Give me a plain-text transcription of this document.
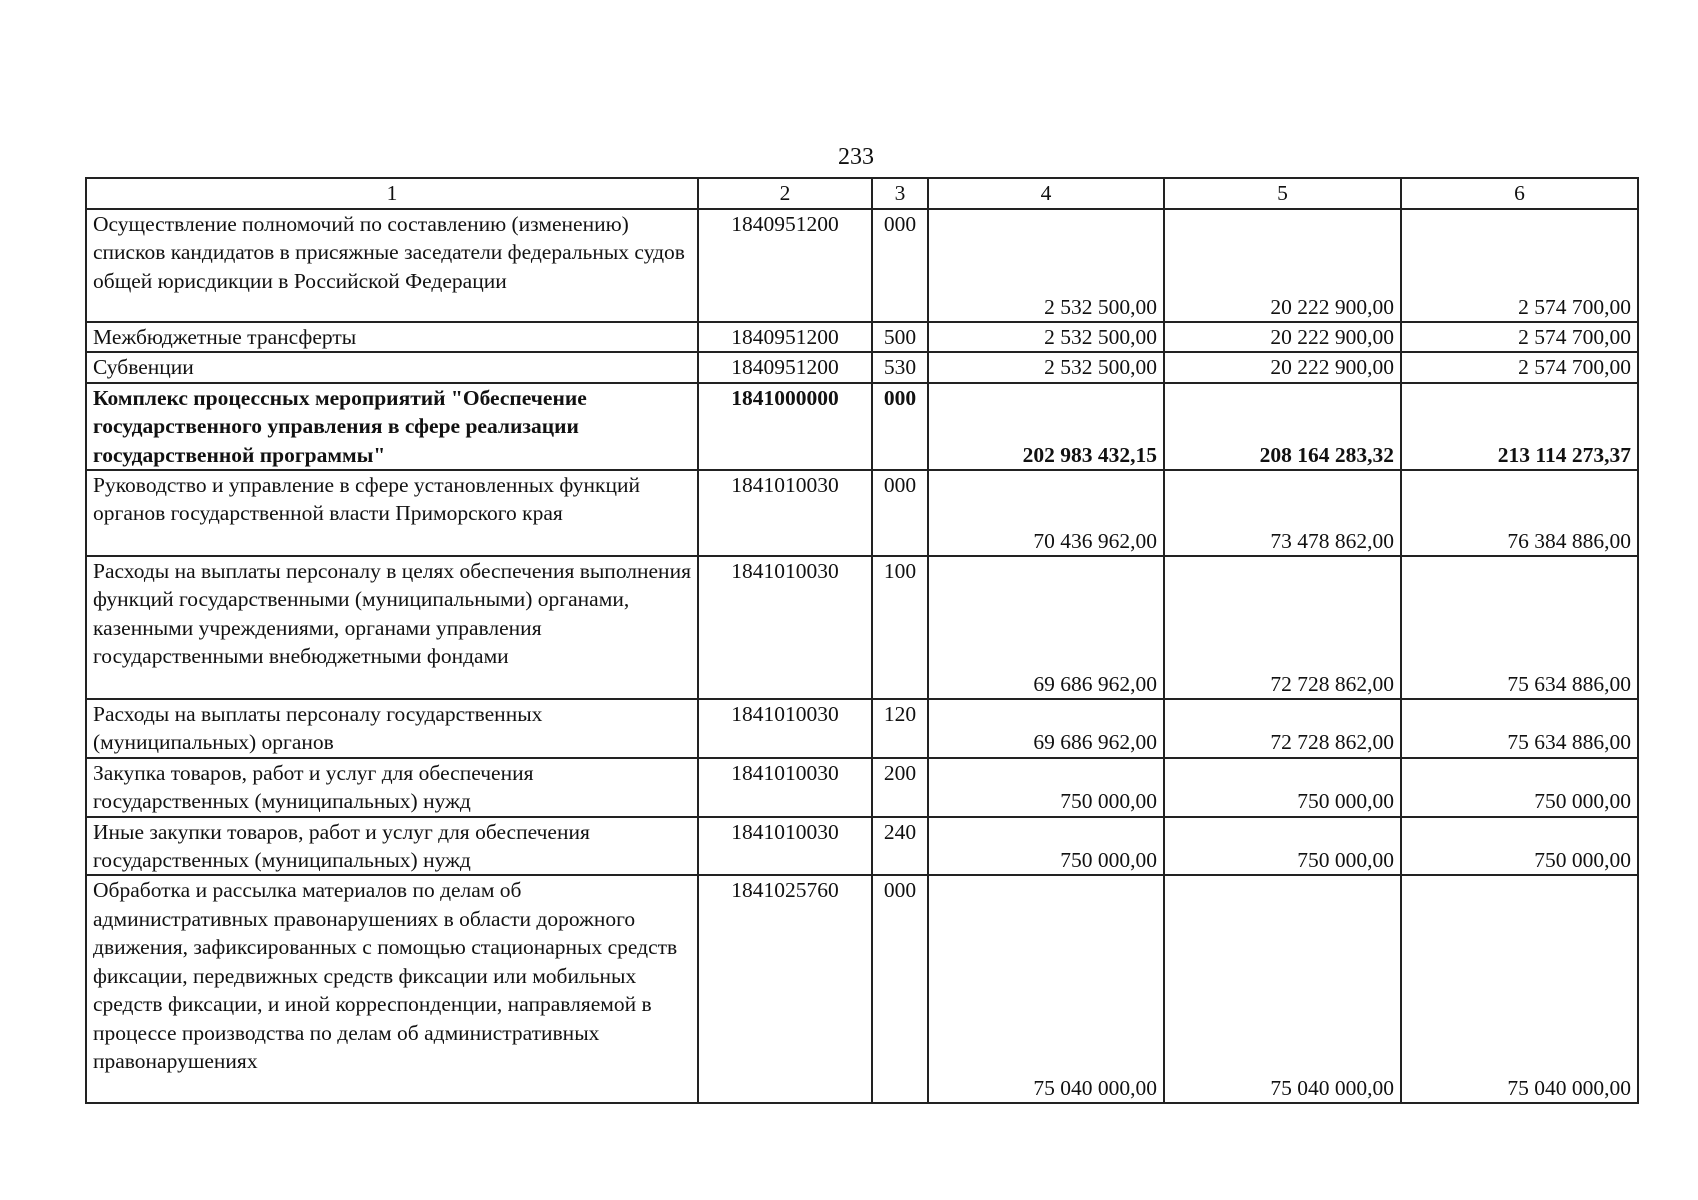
233
1	2	3	4	5	6
Осуществление полномочий по составлению (изменению) списков кандидатов в присяжные заседатели федеральных судов общей юрисдикции в Российской Федерации	1840951200	000	2 532 500,00	20 222 900,00	2 574 700,00
Межбюджетные трансферты	1840951200	500	2 532 500,00	20 222 900,00	2 574 700,00
Субвенции	1840951200	530	2 532 500,00	20 222 900,00	2 574 700,00
Комплекс процессных мероприятий "Обеспечение государственного управления в сфере реализации государственной программы"	1841000000	000	202 983 432,15	208 164 283,32	213 114 273,37
Руководство и управление в сфере установленных функций органов государственной власти Приморского края	1841010030	000	70 436 962,00	73 478 862,00	76 384 886,00
Расходы на выплаты персоналу в целях обеспечения выполнения функций государственными (муниципальными) органами, казенными учреждениями, органами управления государственными внебюджетными фондами	1841010030	100	69 686 962,00	72 728 862,00	75 634 886,00
Расходы на выплаты персоналу государственных (муниципальных) органов	1841010030	120	69 686 962,00	72 728 862,00	75 634 886,00
Закупка товаров, работ и услуг для обеспечения государственных (муниципальных) нужд	1841010030	200	750 000,00	750 000,00	750 000,00
Иные закупки товаров, работ и услуг для обеспечения государственных (муниципальных) нужд	1841010030	240	750 000,00	750 000,00	750 000,00
Обработка и рассылка материалов по делам об административных правонарушениях в области дорожного движения, зафиксированных с помощью стационарных средств фиксации, передвижных средств фиксации или мобильных средств фиксации, и иной корреспонденции, направляемой в процессе производства по делам об административных правонарушениях	1841025760	000	75 040 000,00	75 040 000,00	75 040 000,00
